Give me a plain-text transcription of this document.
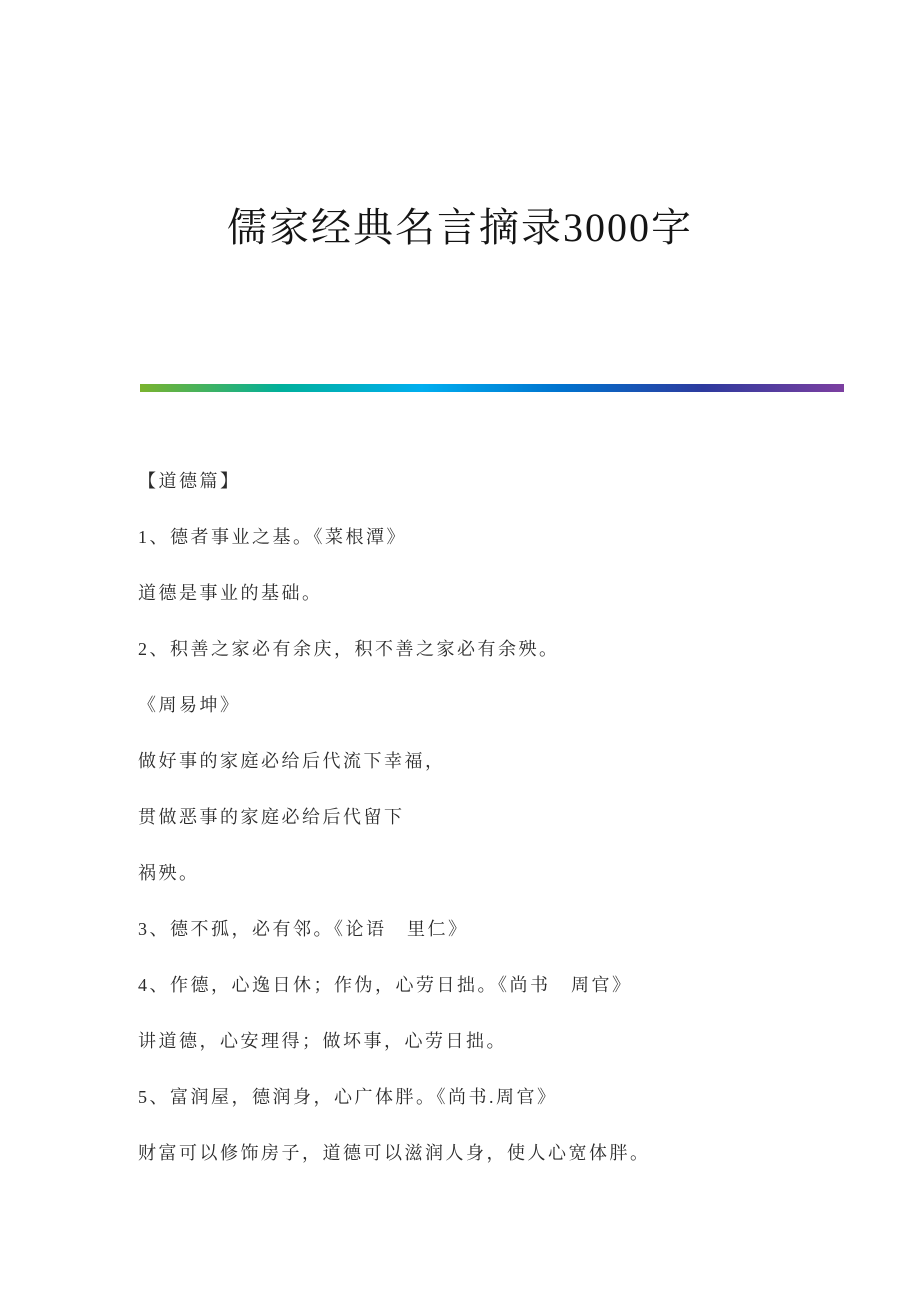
儒家经典名言摘录3000字

【道德篇】

1、德者事业之基。《菜根潭》

道德是事业的基础。

2、积善之家必有余庆，积不善之家必有余殃。

《周易坤》

做好事的家庭必给后代流下幸福，

贯做恶事的家庭必给后代留下

祸殃。

3、德不孤，必有邻。《论语　里仁》

4、作德，心逸日休；作伪，心劳日拙。《尚书　周官》

讲道德，心安理得；做坏事，心劳日拙。

5、富润屋，德润身，心广体胖。《尚书.周官》

财富可以修饰房子，道德可以滋润人身，使人心宽体胖。
